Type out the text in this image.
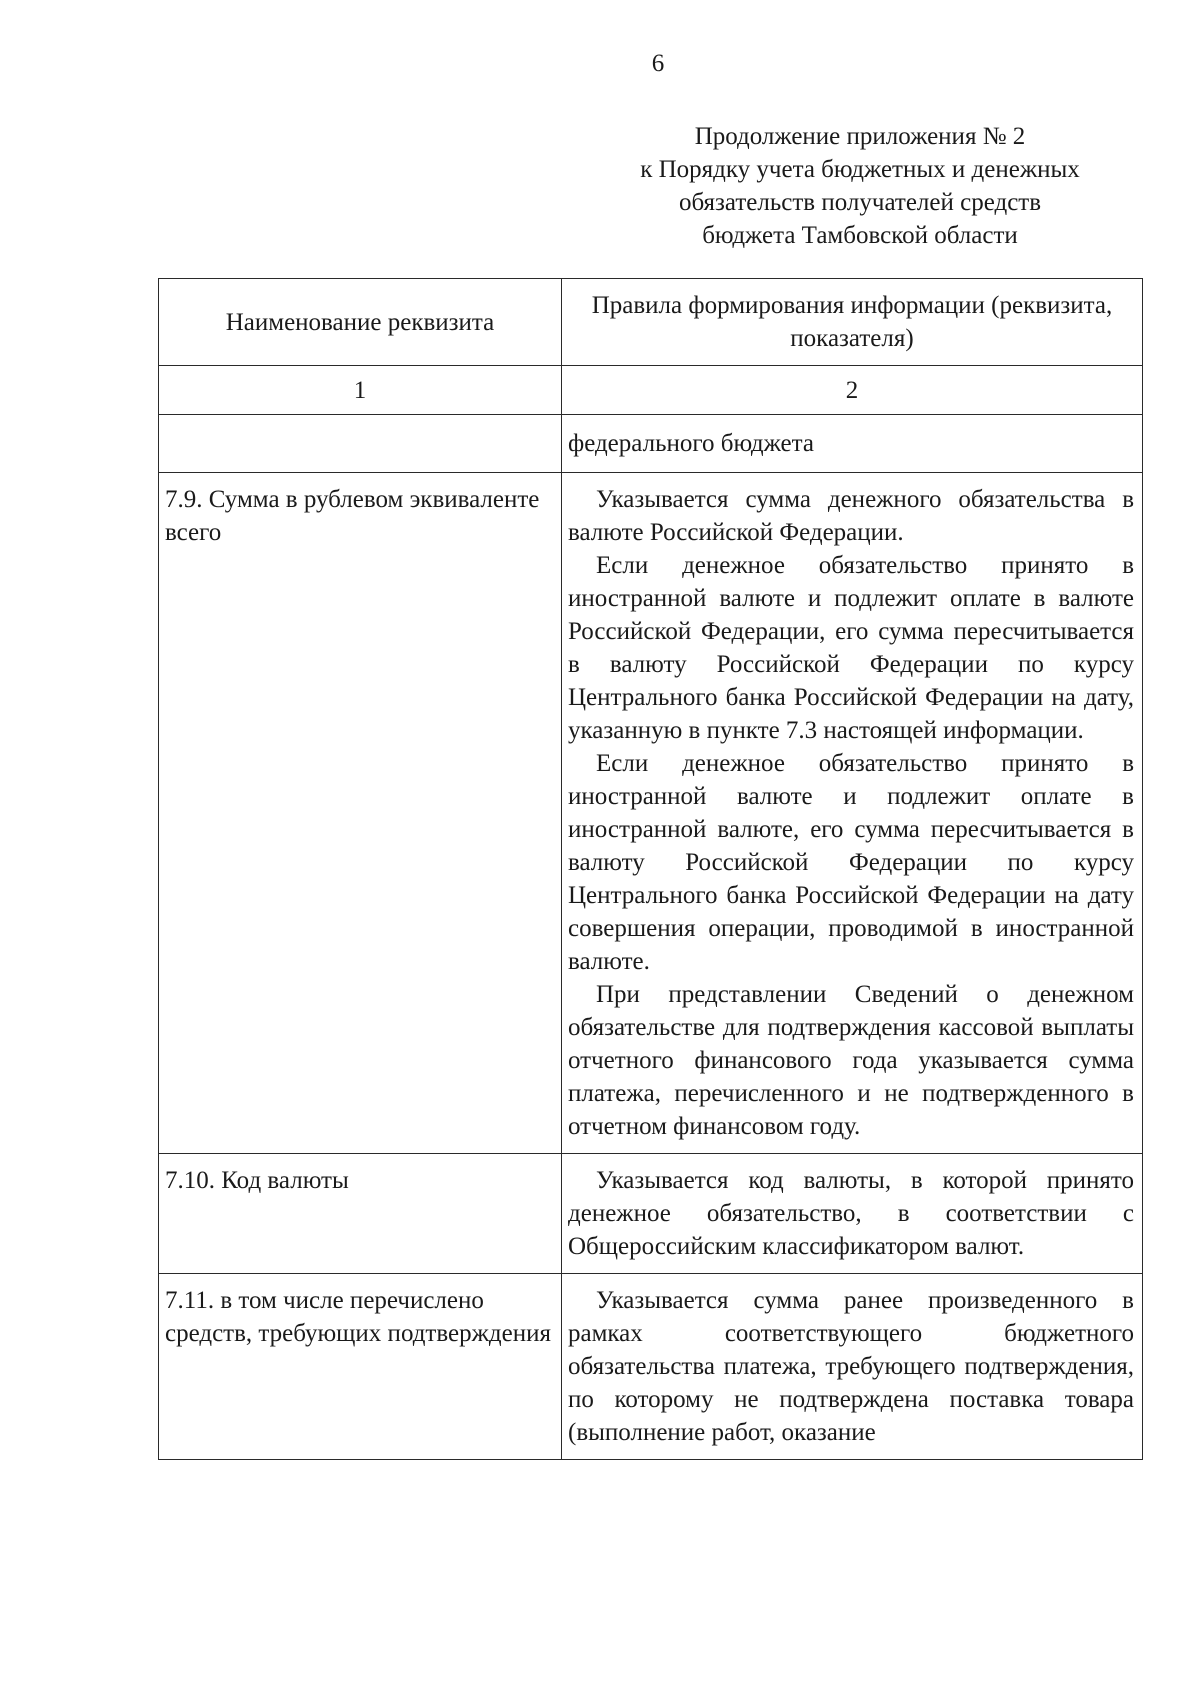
6
Продолжение приложения № 2
к Порядку учета бюджетных и денежных
обязательств получателей средств
бюджета Тамбовской области
Наименование реквизита	Правила формирования информации (реквизита, показателя)
1	2

	федерального бюджета

7.9. Сумма в рублевом эквиваленте всего	Указывается сумма денежного обязательства в валюте Российской Федерации.
Если денежное обязательство принято в иностранной валюте и подлежит оплате в валюте Российской Федерации, его сумма пересчитывается в валюту Российской Федерации по курсу Центрального банка Российской Федерации на дату, указанную в пункте 7.3 настоящей информации.
Если денежное обязательство принято в иностранной валюте и подлежит оплате в иностранной валюте, его сумма пересчитывается в валюту Российской Федерации по курсу Центрального банка Российской Федерации на дату совершения операции, проводимой в иностранной валюте.
При представлении Сведений о денежном обязательстве для подтверждения кассовой выплаты отчетного финансового года указывается сумма платежа, перечисленного и не подтвержденного в отчетном финансовом году.

7.10. Код валюты	Указывается код валюты, в которой принято денежное обязательство, в соответствии с Общероссийским классификатором валют.

7.11. в том числе перечислено средств, требующих подтверждения	Указывается сумма ранее произведенного в рамках соответствующего бюджетного обязательства платежа, требующего подтверждения, по которому не подтверждена поставка товара (выполнение работ, оказание
